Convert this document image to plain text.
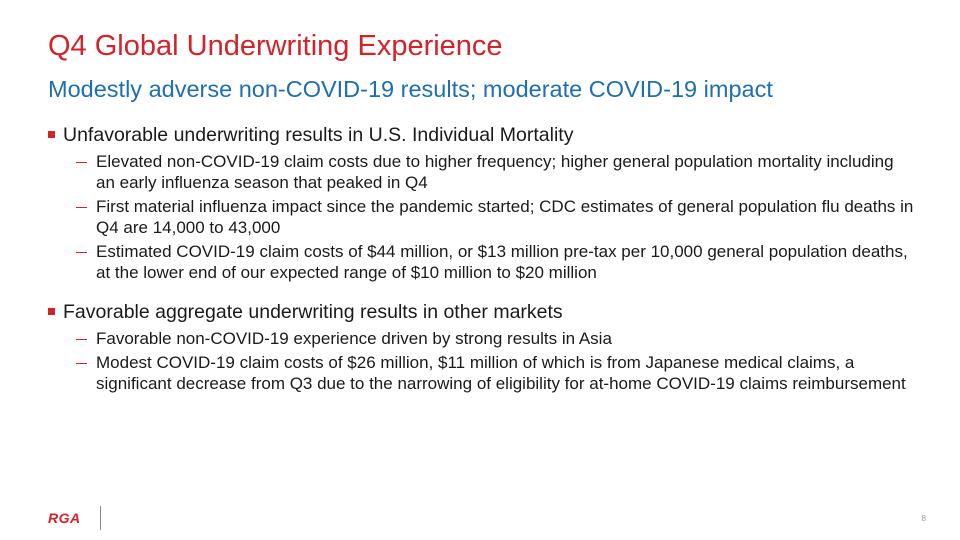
Q4 Global Underwriting Experience
Modestly adverse non-COVID-19 results; moderate COVID-19 impact
Unfavorable underwriting results in U.S. Individual Mortality
Elevated non-COVID-19 claim costs due to higher frequency; higher general population mortality including an early influenza season that peaked in Q4
First material influenza impact since the pandemic started; CDC estimates of general population flu deaths in Q4 are 14,000 to 43,000
Estimated COVID-19 claim costs of $44 million, or $13 million pre-tax per 10,000 general population deaths, at the lower end of our expected range of $10 million to $20 million
Favorable aggregate underwriting results in other markets
Favorable non-COVID-19 experience driven by strong results in Asia
Modest COVID-19 claim costs of $26 million, $11 million of which is from Japanese medical claims, a significant decrease from Q3 due to the narrowing of eligibility for at-home COVID-19 claims reimbursement
RGA	8
